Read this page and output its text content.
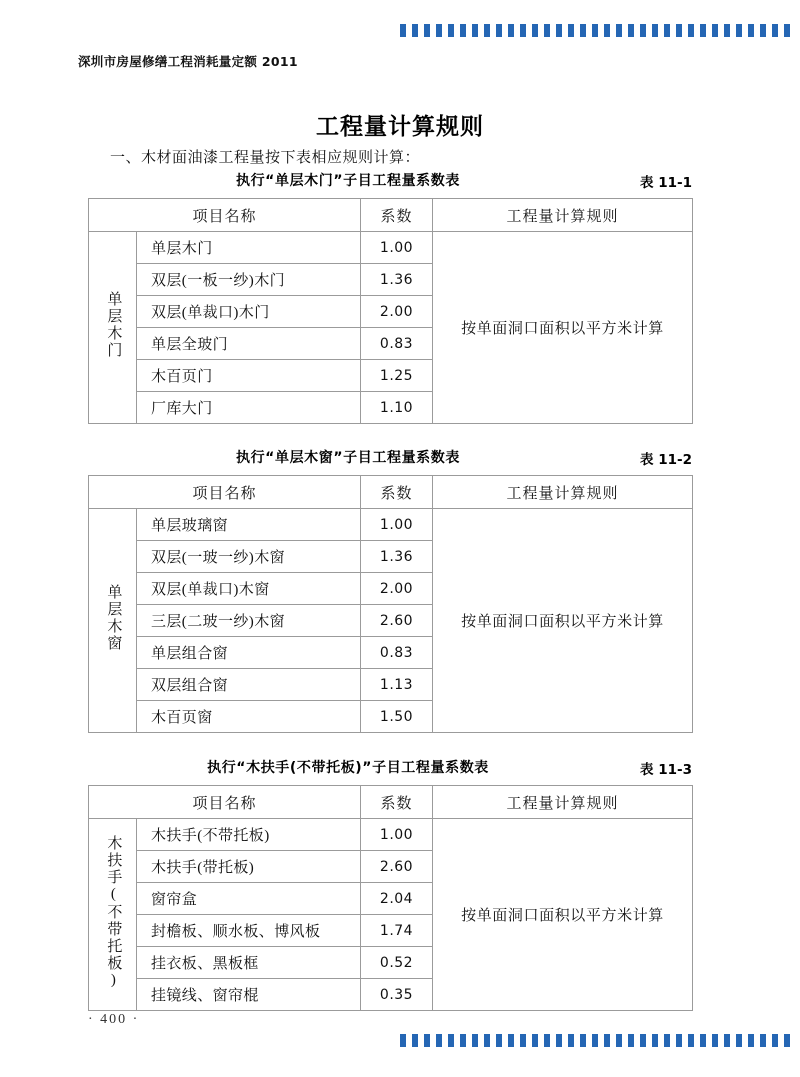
深圳市房屋修缮工程消耗量定额 2011
工程量计算规则
一、木材面油漆工程量按下表相应规则计算：
执行“单层木门”子目工程量系数表	表 11-1
项目名称		系数	工程量计算规则
单层木门	单层木门	1.00	按单面洞口面积以平方米计算
	双层(一板一纱)木门	1.36	
	双层(单裁口)木门	2.00	
	单层全玻门	0.83	
	木百页门	1.25	
	厂库大门	1.10	
执行“单层木窗”子目工程量系数表	表 11-2
项目名称		系数	工程量计算规则
单层木窗	单层玻璃窗	1.00	按单面洞口面积以平方米计算
	双层(一玻一纱)木窗	1.36	
	双层(单裁口)木窗	2.00	
	三层(二玻一纱)木窗	2.60	
	单层组合窗	0.83	
	双层组合窗	1.13	
	木百页窗	1.50	
执行“木扶手(不带托板)”子目工程量系数表	表 11-3
项目名称		系数	工程量计算规则
木扶手(不带托板)	木扶手(不带托板)	1.00	按单面洞口面积以平方米计算
	木扶手(带托板)	2.60	
	窗帘盒	2.04	
	封檐板、顺水板、博风板	1.74	
	挂衣板、黑板框	0.52	
	挂镜线、窗帘棍	0.35	
· 400 ·
